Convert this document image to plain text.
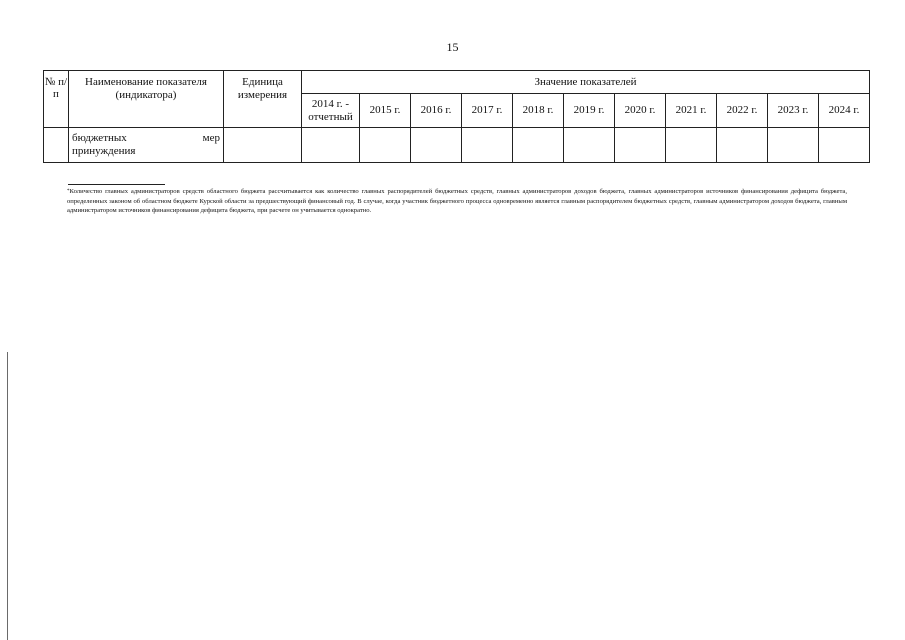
15
№ п/п	Наименование показателя (индикатора)	Единица измерения	Значение показателей										
			2014 г. - отчетный	2015 г.	2016 г.	2017 г.	2018 г.	2019 г.	2020 г.	2021 г.	2022 г.	2023 г.	2024 г.

	бюджетных мер
принуждения												

*Количество главных администраторов средств областного бюджета рассчитывается как количество главных распорядителей бюджетных средств, главных администраторов доходов бюджета, главных администраторов источников финансирования дефицита бюджета, определенных законом об областном бюджете Курской области за предшествующий финансовый год. В случае, когда участник бюджетного процесса одновременно является главным распорядителем бюджетных средств, главным администратором доходов бюджета, главным администратором источников финансирования дефицита бюджета, при расчете он учитывается однократно.
